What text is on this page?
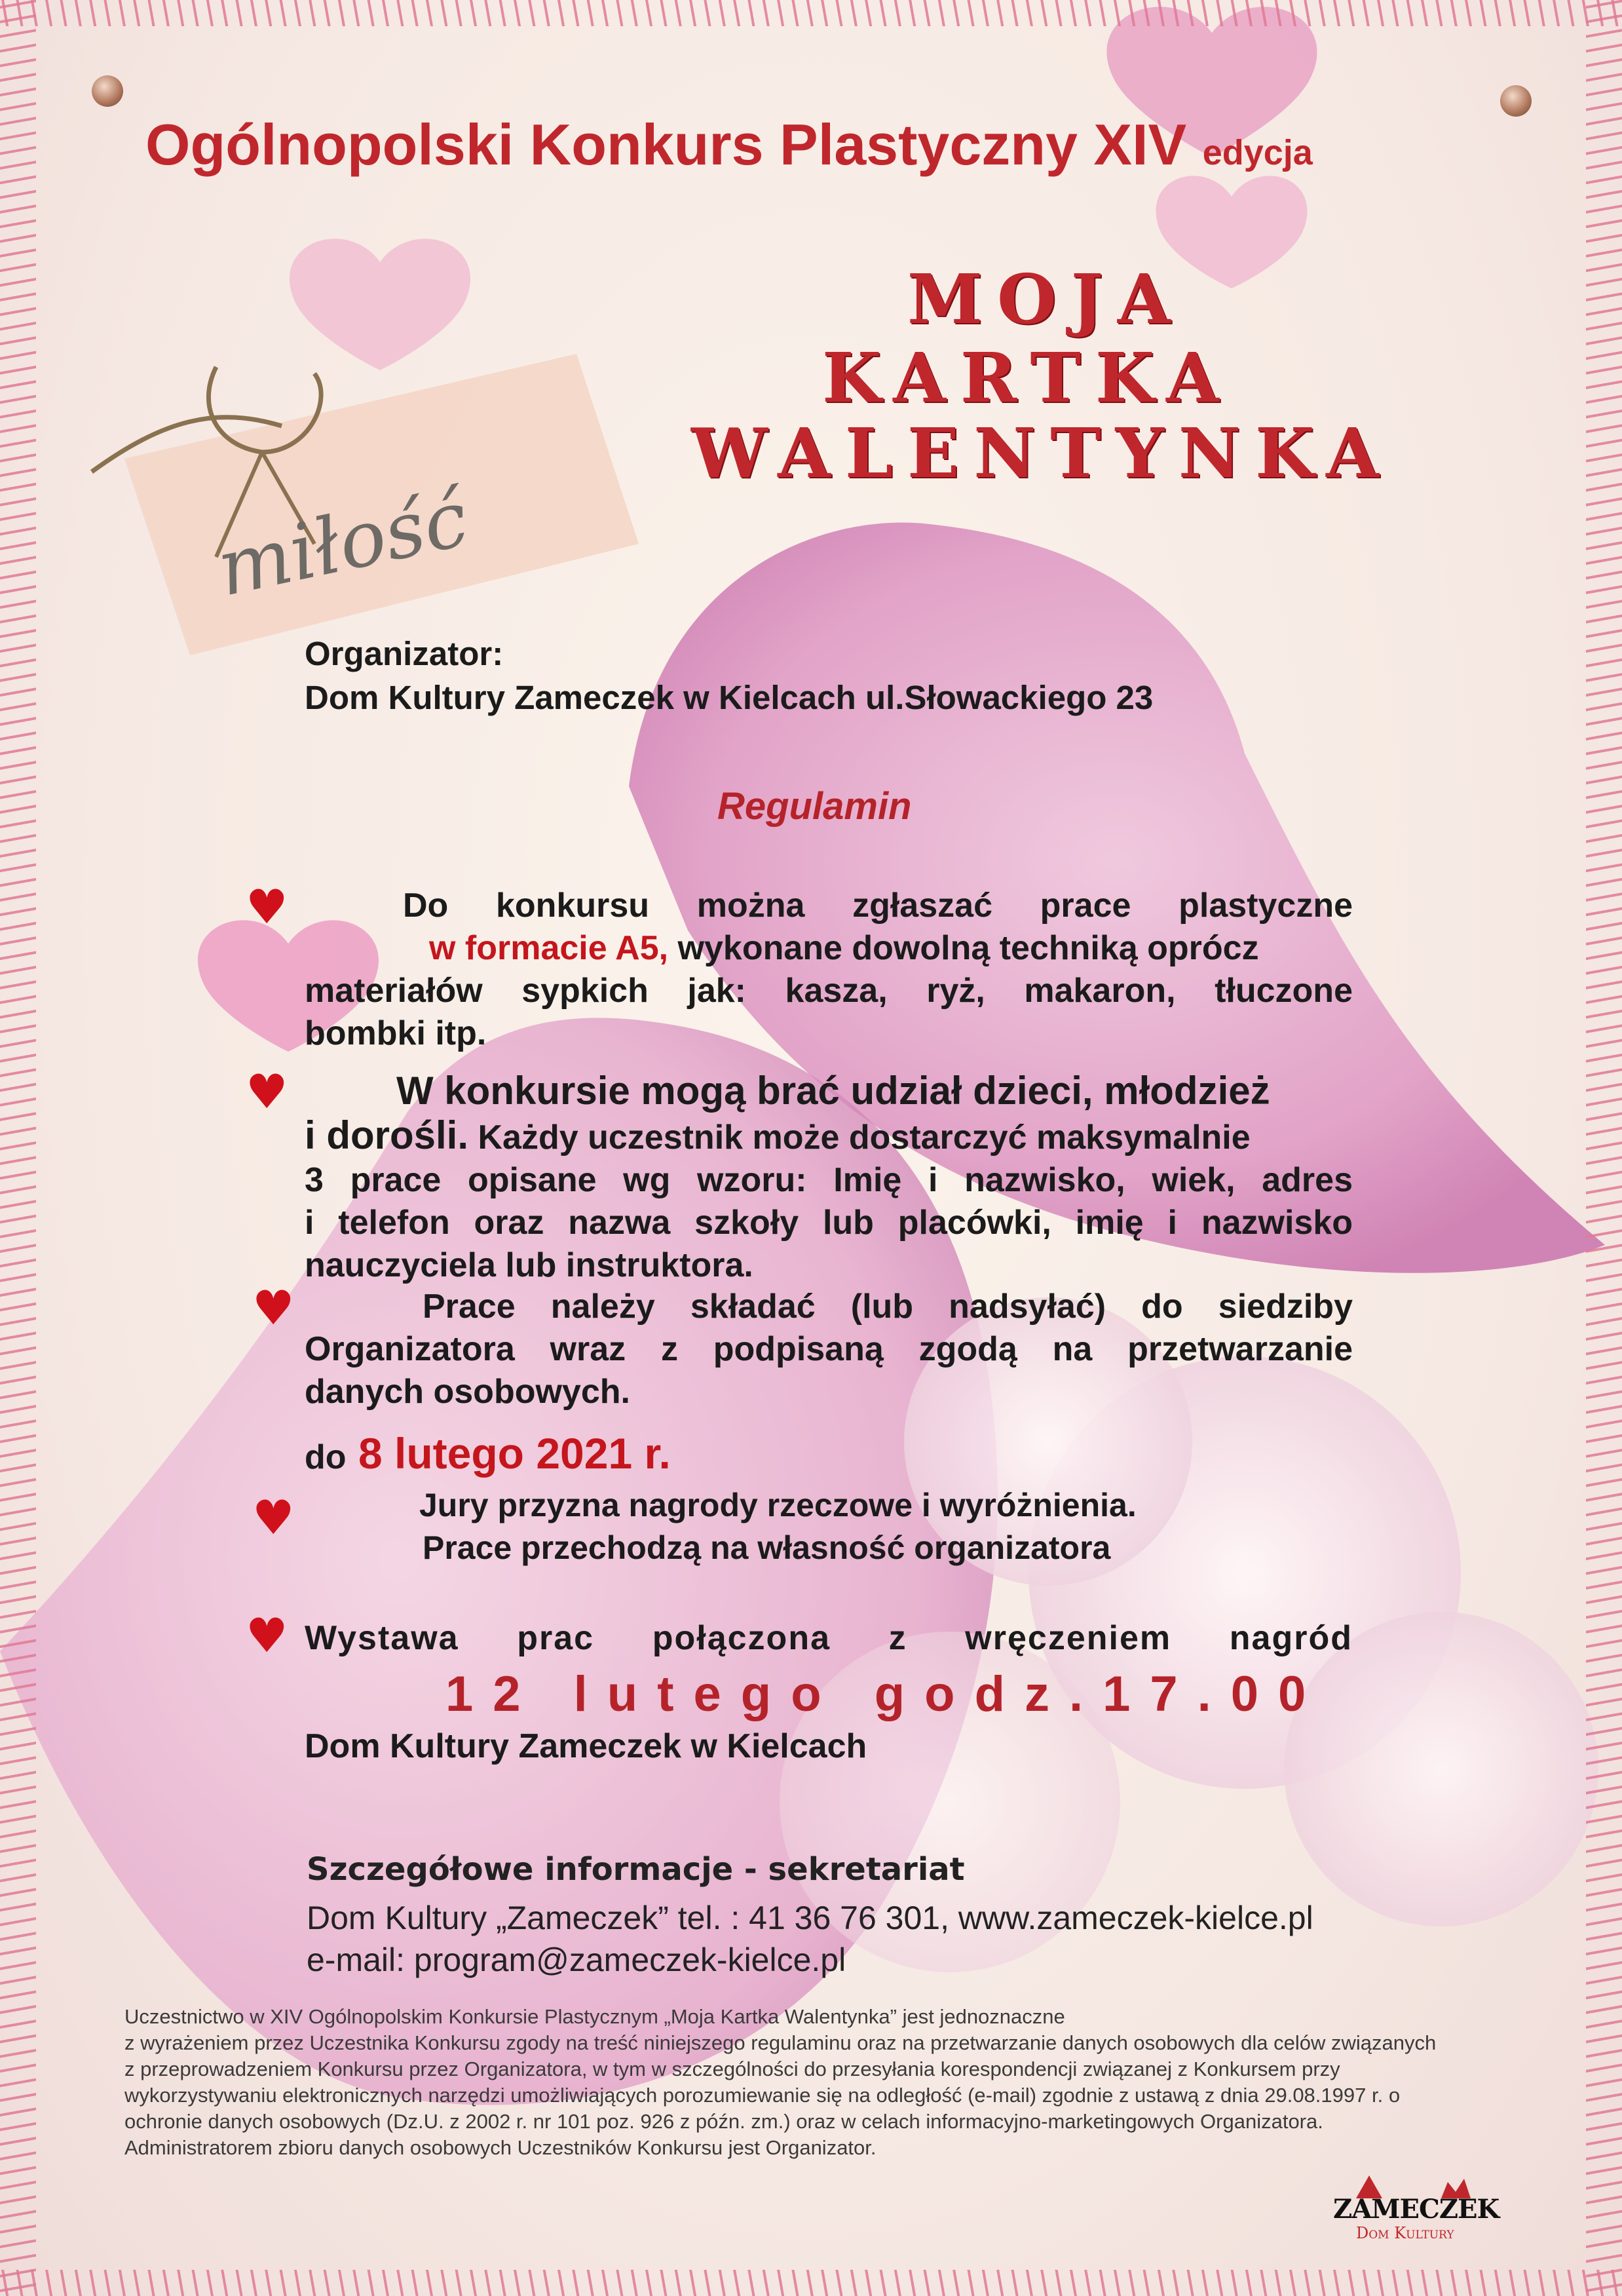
Ogólnopolski Konkurs Plastyczny XIV edycja
MOJA
KARTKA
WALENTYNKA
miłość
Organizator:
Dom Kultury Zameczek w Kielcach ul.Słowackiego 23
Regulamin
♥	Do konkursu można zgłaszać prace plastyczne
w formacie A5, wykonane dowolną techniką oprócz
materiałów sypkich jak: kasza, ryż, makaron, tłuczone
bombki itp.
♥	W konkursie mogą brać udział dzieci, młodzież
i dorośli. Każdy uczestnik może dostarczyć maksymalnie
3 prace opisane wg wzoru: Imię i nazwisko, wiek, adres
i telefon oraz nazwa szkoły lub placówki, imię i nazwisko
nauczyciela lub instruktora.
♥	Prace należy składać (lub nadsyłać) do siedziby
Organizatora wraz z podpisaną zgodą na przetwarzanie
danych osobowych.
do 8 lutego 2021 r.
♥	Jury przyzna nagrody rzeczowe i wyróżnienia.
Prace przechodzą na własność organizatora
♥ Wystawa prac połączona z wręczeniem nagród
12 lutego godz.17.00
Dom Kultury Zameczek w Kielcach
Szczegółowe informacje - sekretariat
Dom Kultury „Zameczek” tel. : 41 36 76 301, www.zameczek-kielce.pl
e-mail: program@zameczek-kielce.pl
Uczestnictwo w XIV Ogólnopolskim Konkursie Plastycznym „Moja Kartka Walentynka” jest jednoznaczne
z wyrażeniem przez Uczestnika Konkursu zgody na treść niniejszego regulaminu oraz na przetwarzanie danych osobowych dla celów związanych
z przeprowadzeniem Konkursu przez Organizatora, w tym w szczególności do przesyłania korespondencji związanej z Konkursem przy
wykorzystywaniu elektronicznych narzędzi umożliwiających porozumiewanie się na odległość (e-mail) zgodnie z ustawą z dnia 29.08.1997 r. o
ochronie danych osobowych (Dz.U. z 2002 r. nr 101 poz. 926 z późn. zm.) oraz w celach informacyjno-marketingowych Organizatora.
Administratorem zbioru danych osobowych Uczestników Konkursu jest Organizator.
ZAMECZEK
Dom Kultury
